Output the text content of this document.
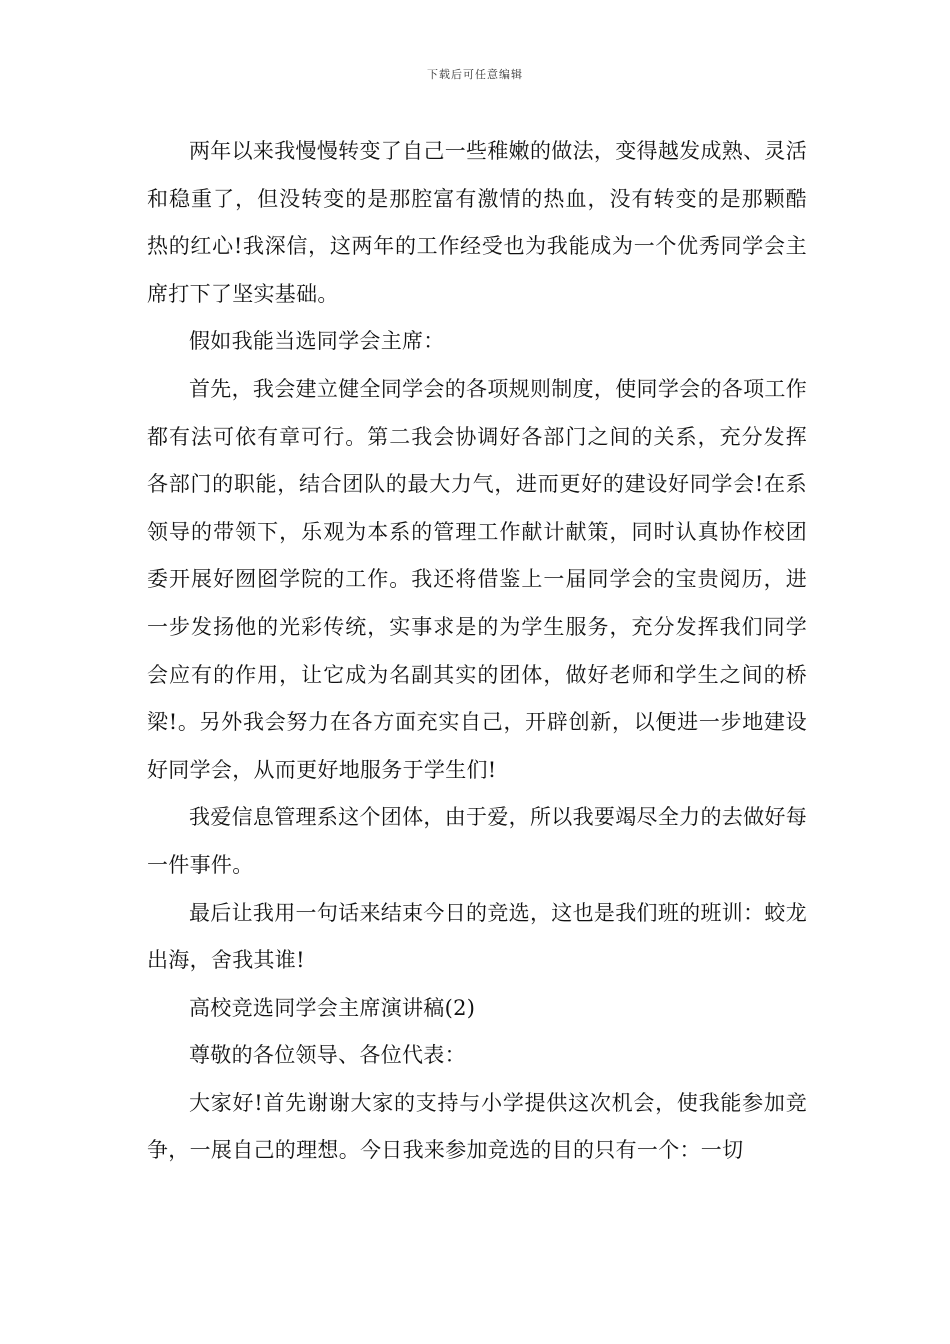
下载后可任意编辑

两年以来我慢慢转变了自己一些稚嫩的做法，变得越发成熟、灵活和稳重了，但没转变的是那腔富有激情的热血，没有转变的是那颗酷热的红心!我深信，这两年的工作经受也为我能成为一个优秀同学会主席打下了坚实基础。

假如我能当选同学会主席：

首先，我会建立健全同学会的各项规则制度，使同学会的各项工作都有法可依有章可行。第二我会协调好各部门之间的关系，充分发挥各部门的职能，结合团队的最大力气，进而更好的建设好同学会!在系领导的带领下，乐观为本系的管理工作献计献策，同时认真协作校团委开展好囫囵学院的工作。我还将借鉴上一届同学会的宝贵阅历，进一步发扬他的光彩传统，实事求是的为学生服务，充分发挥我们同学会应有的作用，让它成为名副其实的团体，做好老师和学生之间的桥梁!。另外我会努力在各方面充实自己，开辟创新，以便进一步地建设好同学会，从而更好地服务于学生们!

我爱信息管理系这个团体，由于爱，所以我要竭尽全力的去做好每一件事件。

最后让我用一句话来结束今日的竞选，这也是我们班的班训：蛟龙出海，舍我其谁!

高校竞选同学会主席演讲稿(2)

尊敬的各位领导、各位代表：

大家好!首先谢谢大家的支持与小学提供这次机会，使我能参加竞争，一展自己的理想。今日我来参加竞选的目的只有一个：一切
